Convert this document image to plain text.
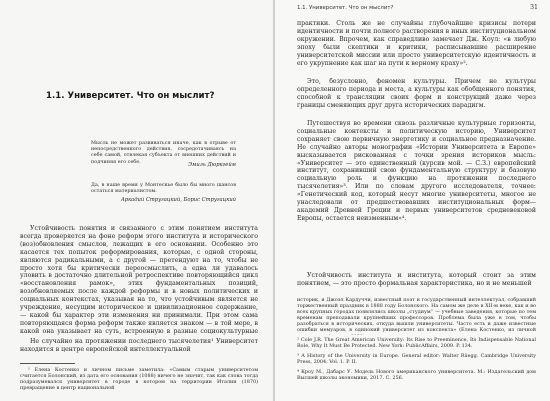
1.1. Университет. Что он мыслит?

Мысль не может развиваться иначе, как в отрыве от непосредственного действия, сосредотачиваясь на себе самой, отвлекая субъекта от внешних действий и подчиняя его себе.

Эмиль Дюркгейм

Да, в наше время у Монтескье было бы много шансов остаться материалистом.

Аркадий Стругацкий, Борис Стругацкий

Устойчивость понятия и связанного с этим понятием института всегда проверяется на фоне реформ этого института и исторического (воз)обновления смыслов, лежащих в его основании. Особенно это касается тех попыток реформирования, которые, с одной стороны, являются радикальными, а с другой — претендуют на то, чтобы не просто хотя бы критически переосмыслить, а едва ли удавалось уловить в достаточно длительной ретроспективе повторяющийся цикл «восстановления рамок», этих фундаментальных позиций, возобновляемых после каждой реформы и в новых политических и социальных контекстах, указывая на то, что устойчивым является не учреждение, несущим историческое и цивилизационное содержание, — какой бы характер эти изменения ни принимали. При этом сама повторяющаяся форма реформ также является знаком — в той мере, в какой она указывает на суть, встроенную в разные социокультурные

Не случайно на протяжении последнего тысячелетия¹ Университет находится в центре европейской интеллектуальной

¹ Елена Костенко и личном письме заметила: «Самым старым университетом считается Болонский, из дата его основания (1088) ничего не значит, так как слова тогда подразумевался университет в городе в котором на территории Италии (1870) превращение в центр национальной

1.1. Университет. Что он мыслит?	31

практики. Столь же не случайны глубочайшие кризисы потери идентичности и почти полного растворения в иных институциональном окружении. Впрочем, как справедливо замечает Дж. Коул: «в любую эпоху были скептики и критики, расписывавшие расширение университетской миссии или просто университетскую идентичность и его укрупнение как шаг на пути к верному краху»².

Это, безусловно, феномен культуры. Причем не культуры определенного периода и места, а культуры как обобщенного понятия, способной к трансляции своих форм и конструкций даже через границы сменяющих друг друга исторических парадигм.

Путешествуя во времени сквозь различные культурные горизонты, социальные контексты и политическую историю, Университет сохраняет свою первичную энергетику и социальное предназначение. Не случайно авторы монографии «Истории Университета в Европе» высказывается рискованная с точки зрения историков мысль: «Университет — это единственный (курсив мой. — С.З.) европейский институт, сохранивший свою фундаментальную структуру и базовую социальную роль и функцию на протяжении последнего тысячелетия»³. Или по словам другого исследователя, точнее: «Генетический код, который несут многие университеты, многое не унаследовали от предшествовавших институциональных форм—академий Древней Греции и первых университетов средневековой Европы, остается неизменным»⁴.

Устойчивость института и института, который стоит за этим понятием, — это просто формальная характеристика, но и не меньшей

историк, и Джоэл Кардуччи, известный поэт и государственный интеллектуал, собравший торжественный праздник в 1888 году Болонского. На самом же деле в XII-м веке, как и во всех крупных городах появлялись школы „студиум“ — учебные заведения, которые по тем временам преподавали крупнейших профессоров. Проблема была уже в том, чтобы разобраться в исторических, откуда вышли университеты. Часто есть и даже известные ошибки мемуаров, в одинокий университет из конспекта» (Елена Костенко, из личной

² Cole J.R. The Great American University: Its Rise to Preeminence, Its Indispensable National Role, Why It Must Be Protected. New York: PublicAffairs, 2009. P. 134.

³ A History of the University in Europe. General editor: Walter Rüegg. Cambridge University Press, 2004. Vol. 1. P. II.

⁴ Кроу М., Дабарс У. Модель Нового американского университета. М.: Издательский дом Высшей школы экономики, 2017. С. 256.
